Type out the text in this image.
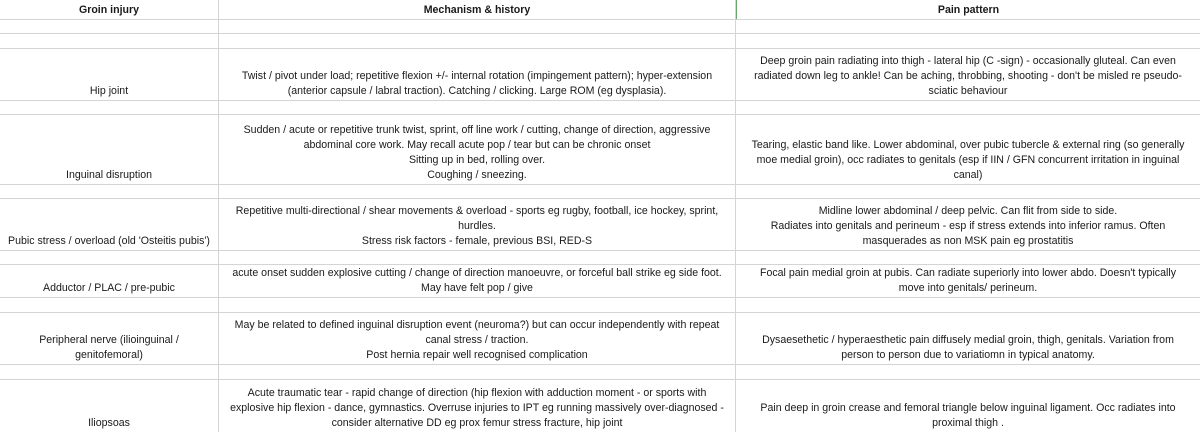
Groin injury	Mechanism & history	Pain pattern
Hip joint
Twist / pivot under load; repetitive flexion +/- internal rotation (impingement pattern); hyper-extension
(anterior capsule / labral traction). Catching / clicking. Large ROM (eg dysplasia).
Deep groin pain radiating into thigh - lateral hip (C -sign) - occasionally gluteal. Can even
radiated down leg to ankle! Can be aching, throbbing, shooting - don't be misled re pseudo-
sciatic behaviour
Inguinal disruption
Sudden / acute or repetitive trunk twist, sprint, off line work / cutting, change of direction, aggressive
abdominal core work. May recall acute pop / tear but can be chronic onset
Sitting up in bed, rolling over.
Coughing / sneezing.
Tearing, elastic band like. Lower abdominal, over pubic tubercle & external ring (so generally
moe medial groin), occ radiates to genitals (esp if IIN / GFN concurrent irritation in inguinal
canal)
Pubic stress / overload (old 'Osteitis pubis')
Repetitive multi-directional / shear movements & overload - sports eg rugby, football, ice hockey, sprint,
hurdles.
Stress risk factors - female, previous BSI, RED-S
Midline lower abdominal / deep pelvic. Can flit from side to side.
Radiates into genitals and perineum - esp if stress extends into inferior ramus. Often
masquerades as non MSK pain eg prostatitis
Adductor / PLAC / pre-pubic
acute onset sudden explosive cutting / change of direction manoeuvre, or forceful ball strike eg side foot.
May have felt pop / give
Focal pain medial groin at pubis. Can radiate superiorly into lower abdo. Doesn't typically
move into genitals/ perineum.
Peripheral nerve (ilioinguinal /
genitofemoral)
May be related to defined inguinal disruption event (neuroma?) but can occur independently with repeat
canal stress / traction.
Post hernia repair well recognised complication
Dysaesethetic / hyperaesthetic pain diffusely medial groin, thigh, genitals. Variation from
person to person due to variatiomn in typical anatomy.
Iliopsoas
Acute traumatic tear - rapid change of direction (hip flexion with adduction moment - or sports with
explosive hip flexion - dance, gymnastics. Overruse injuries to IPT eg running massively over-diagnosed -
consider alternative DD eg prox femur stress fracture, hip joint
Pain deep in groin crease and femoral triangle below inguinal ligament. Occ radiates into
proximal thigh .
